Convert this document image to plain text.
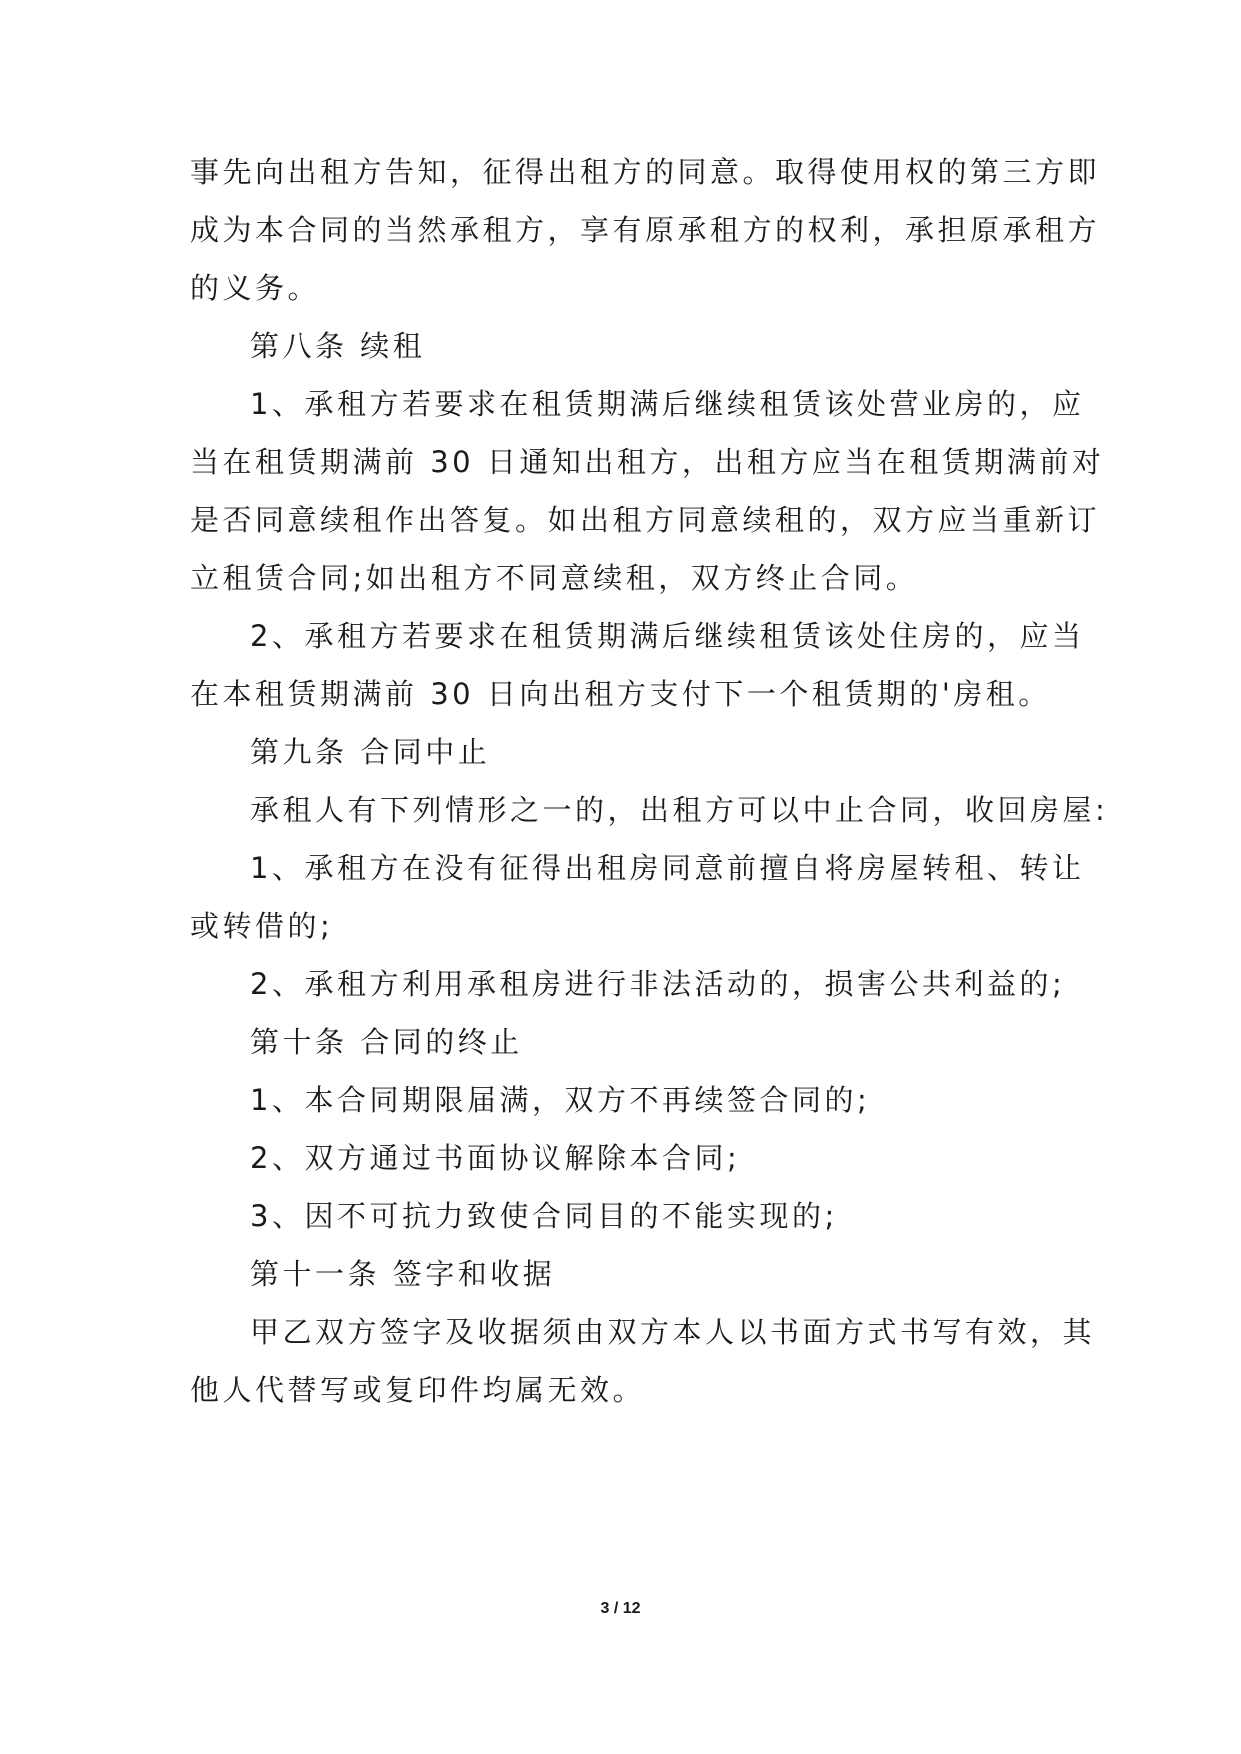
事先向出租方告知，征得出租方的同意。取得使用权的第三方即
成为本合同的当然承租方，享有原承租方的权利，承担原承租方
的义务。
第八条 续租
1、承租方若要求在租赁期满后继续租赁该处营业房的，应
当在租赁期满前 30 日通知出租方，出租方应当在租赁期满前对
是否同意续租作出答复。如出租方同意续租的，双方应当重新订
立租赁合同;如出租方不同意续租，双方终止合同。
2、承租方若要求在租赁期满后继续租赁该处住房的，应当
在本租赁期满前 30 日向出租方支付下一个租赁期的'房租。
第九条 合同中止
承租人有下列情形之一的，出租方可以中止合同，收回房屋:
1、承租方在没有征得出租房同意前擅自将房屋转租、转让
或转借的;
2、承租方利用承租房进行非法活动的，损害公共利益的;
第十条 合同的终止
1、本合同期限届满，双方不再续签合同的;
2、双方通过书面协议解除本合同;
3、因不可抗力致使合同目的不能实现的;
第十一条 签字和收据
甲乙双方签字及收据须由双方本人以书面方式书写有效，其
他人代替写或复印件均属无效。
3 / 12
